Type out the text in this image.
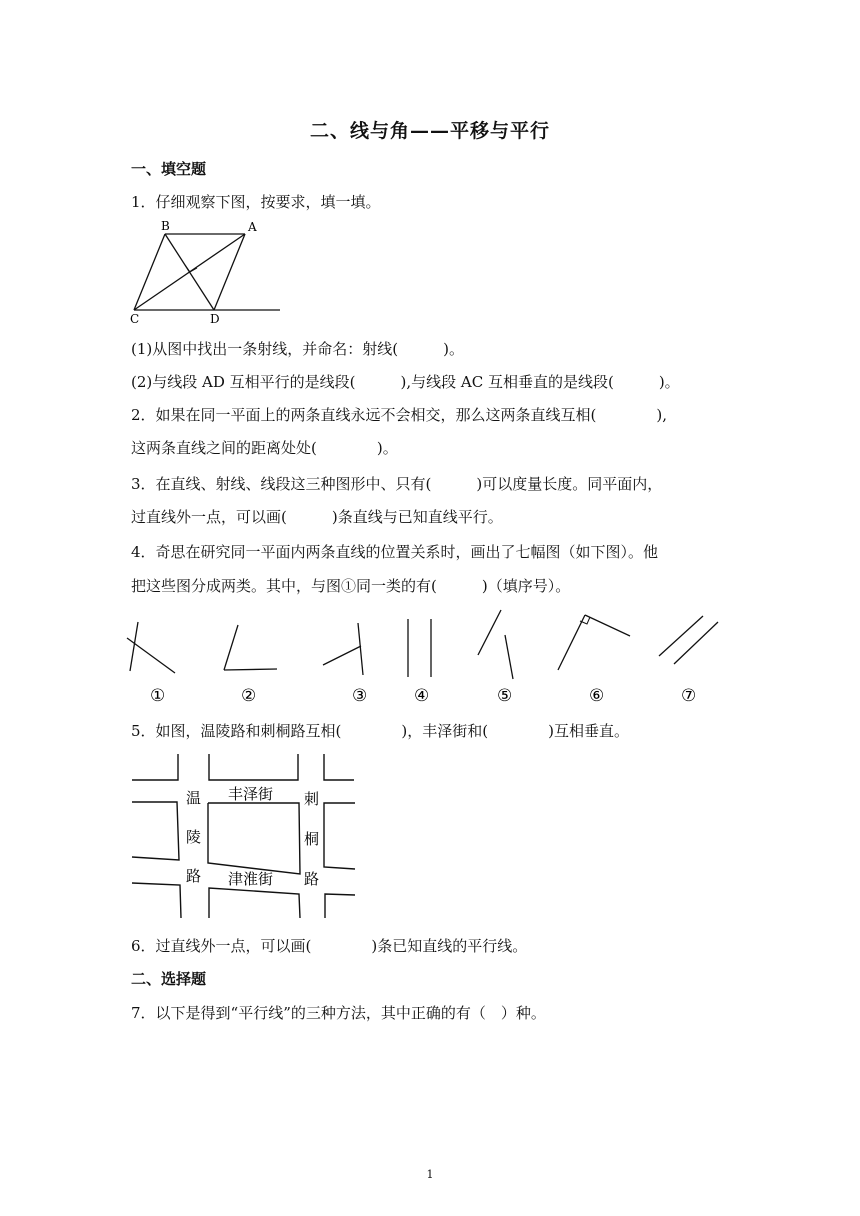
二、线与角——平移与平行
一、填空题
1．仔细观察下图，按要求，填一填。
B	A
C	D
(1)从图中找出一条射线，并命名：射线(　　　)。
(2)与线段 AD 互相平行的是线段(　　　),与线段 AC 互相垂直的是线段(　　　)。
2．如果在同一平面上的两条直线永远不会相交，那么这两条直线互相(　　　　),
这两条直线之间的距离处处(　　　　)。
3．在直线、射线、线段这三种图形中、只有(　　　)可以度量长度。同平面内，
过直线外一点，可以画(　　　)条直线与已知直线平行。
4．奇思在研究同一平面内两条直线的位置关系时，画出了七幅图（如下图）。他
把这些图分成两类。其中，与图①同一类的有(　　　)（填序号）。
①	②	③	④	⑤	⑥	⑦
5．如图，温陵路和刺桐路互相(　　　　)，丰泽街和(　　　　)互相垂直。
丰泽街
津淮街
温
陵
路
刺
桐
路
6．过直线外一点，可以画(　　　　)条已知直线的平行线。
二、选择题
7．以下是得到“平行线”的三种方法，其中正确的有（　）种。
1
